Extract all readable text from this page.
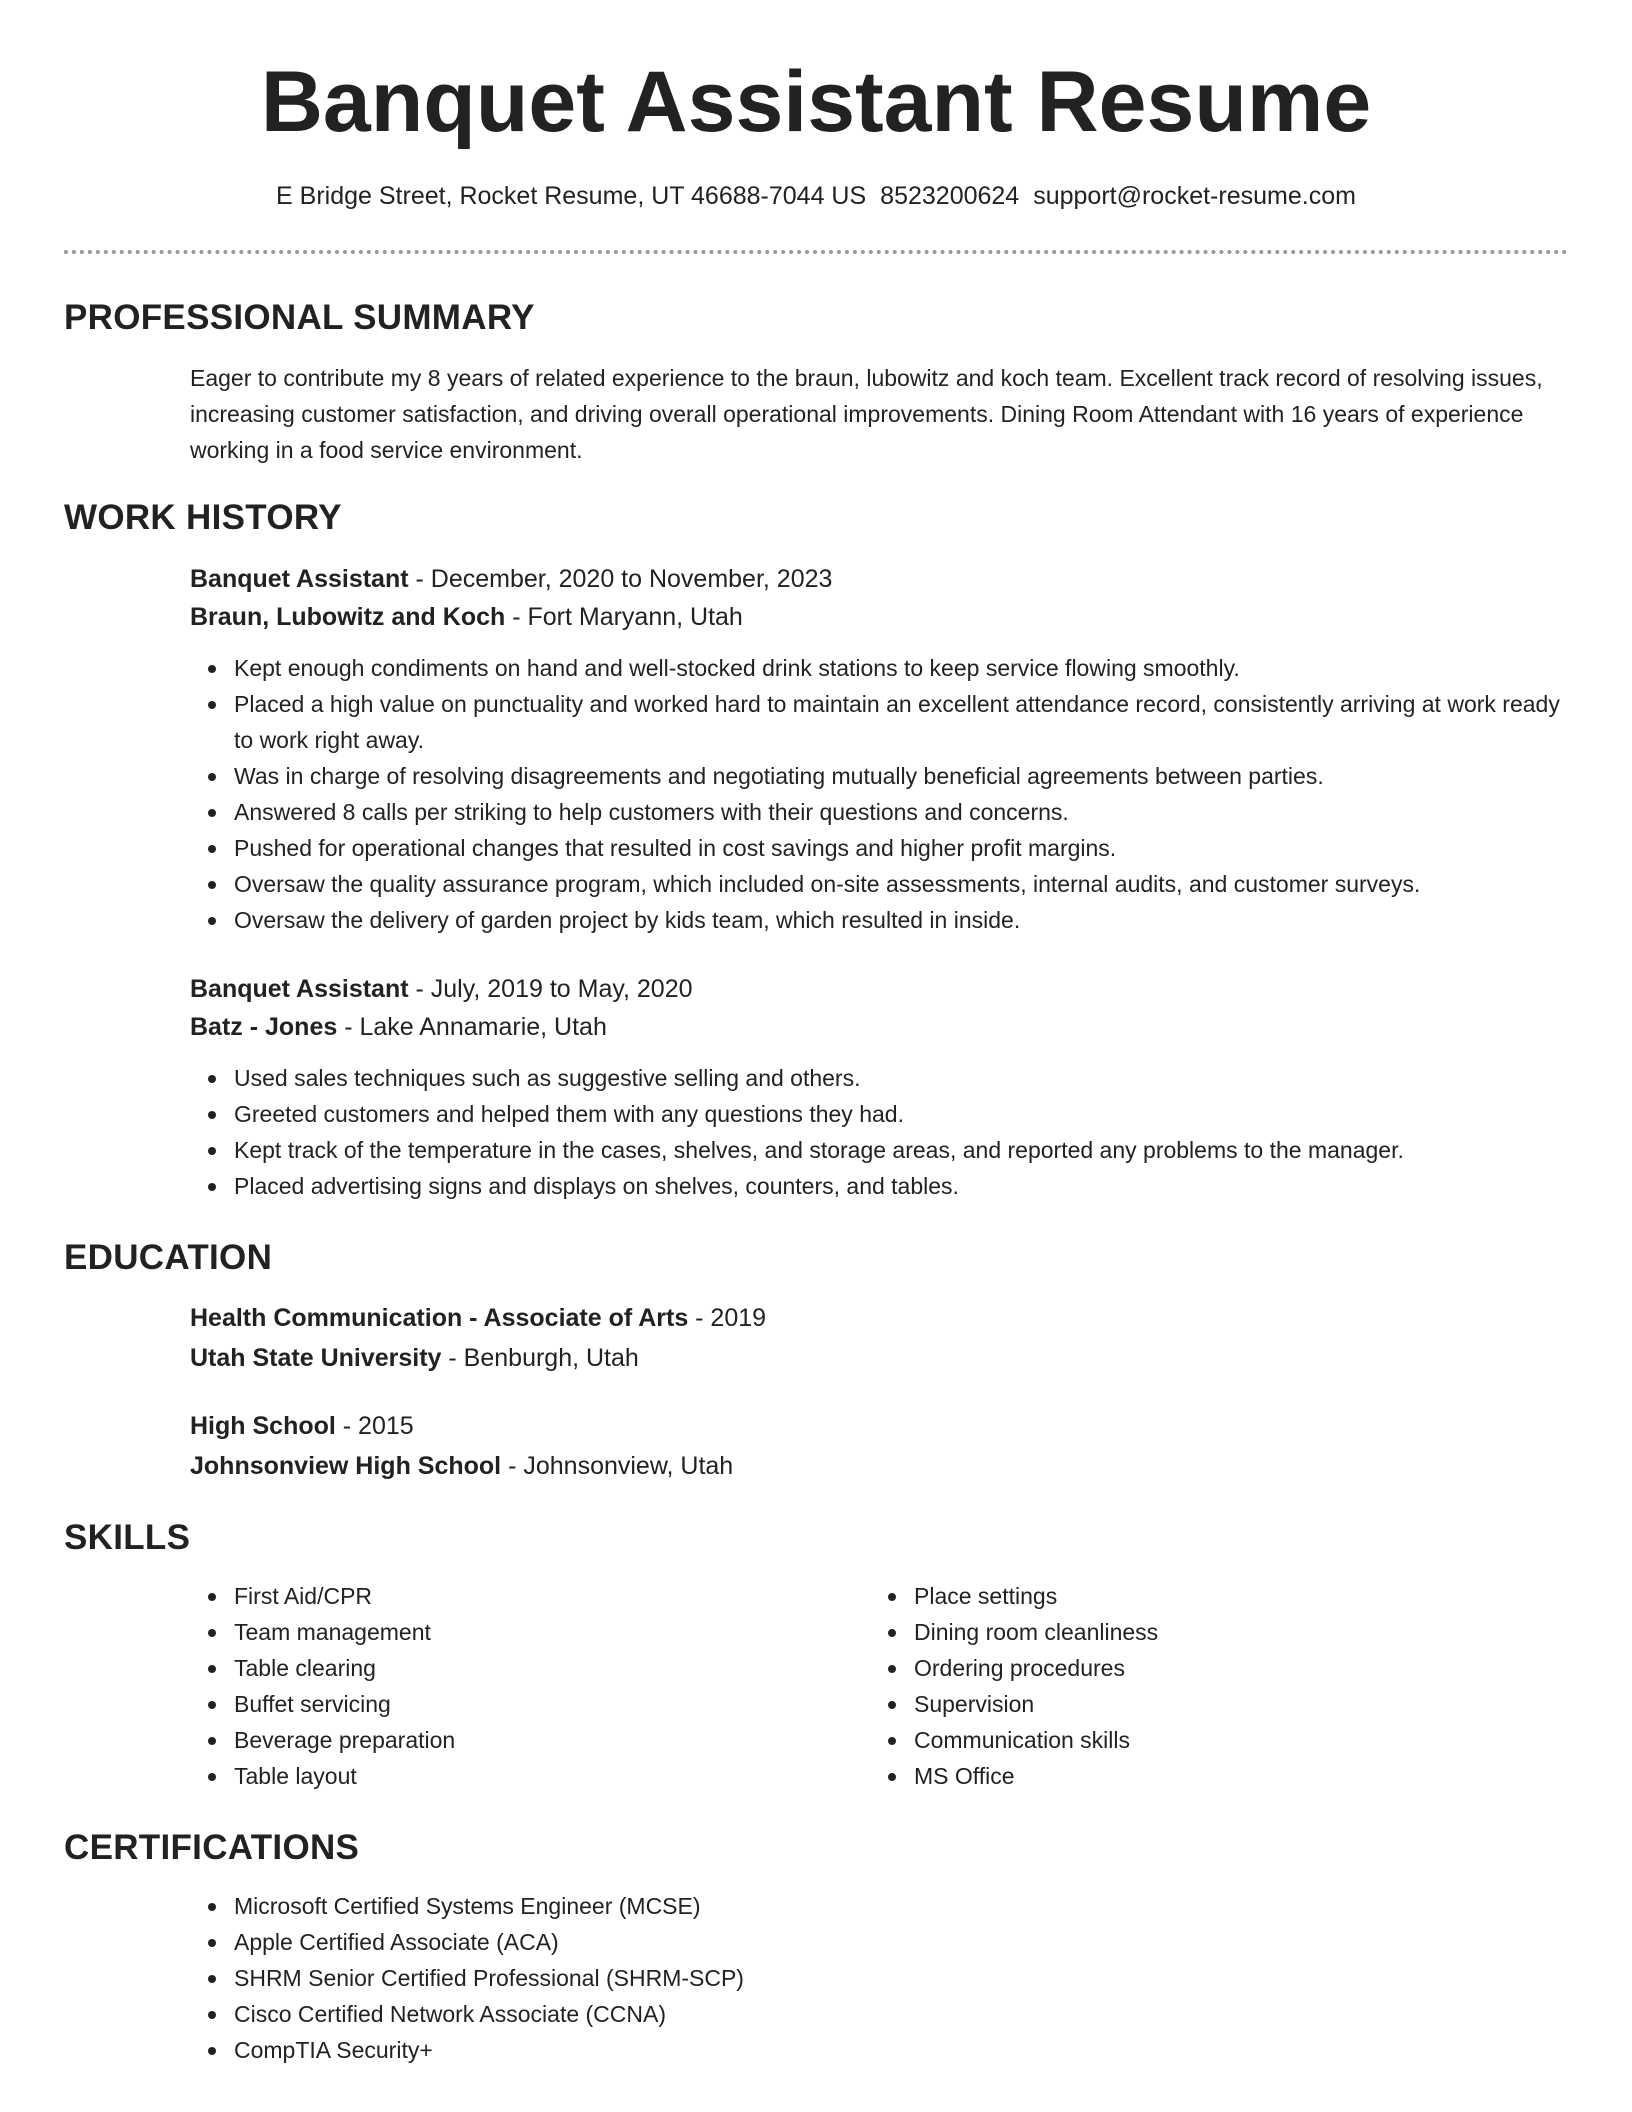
Banquet Assistant Resume
E Bridge Street, Rocket Resume, UT 46688-7044 US 8523200624 support@rocket-resume.com
PROFESSIONAL SUMMARY

Eager to contribute my 8 years of related experience to the braun, lubowitz and koch team. Excellent track record of resolving issues, increasing customer satisfaction, and driving overall operational improvements. Dining Room Attendant with 16 years of experience working in a food service environment.

WORK HISTORY
Banquet Assistant - December, 2020 to November, 2023
Braun, Lubowitz and Koch - Fort Maryann, Utah
Kept enough condiments on hand and well-stocked drink stations to keep service flowing smoothly.
Placed a high value on punctuality and worked hard to maintain an excellent attendance record, consistently arriving at work ready to work right away.
Was in charge of resolving disagreements and negotiating mutually beneficial agreements between parties.
Answered 8 calls per striking to help customers with their questions and concerns.
Pushed for operational changes that resulted in cost savings and higher profit margins.
Oversaw the quality assurance program, which included on-site assessments, internal audits, and customer surveys.
Oversaw the delivery of garden project by kids team, which resulted in inside.
Banquet Assistant - July, 2019 to May, 2020
Batz - Jones - Lake Annamarie, Utah
Used sales techniques such as suggestive selling and others.
Greeted customers and helped them with any questions they had.
Kept track of the temperature in the cases, shelves, and storage areas, and reported any problems to the manager.
Placed advertising signs and displays on shelves, counters, and tables.
EDUCATION
Health Communication - Associate of Arts - 2019
Utah State University - Benburgh, Utah
High School - 2015
Johnsonview High School - Johnsonview, Utah
SKILLS
First Aid/CPR
Team management
Table clearing
Buffet servicing
Beverage preparation
Table layout
Place settings
Dining room cleanliness
Ordering procedures
Supervision
Communication skills
MS Office
CERTIFICATIONS
Microsoft Certified Systems Engineer (MCSE)
Apple Certified Associate (ACA)
SHRM Senior Certified Professional (SHRM-SCP)
Cisco Certified Network Associate (CCNA)
CompTIA Security+
